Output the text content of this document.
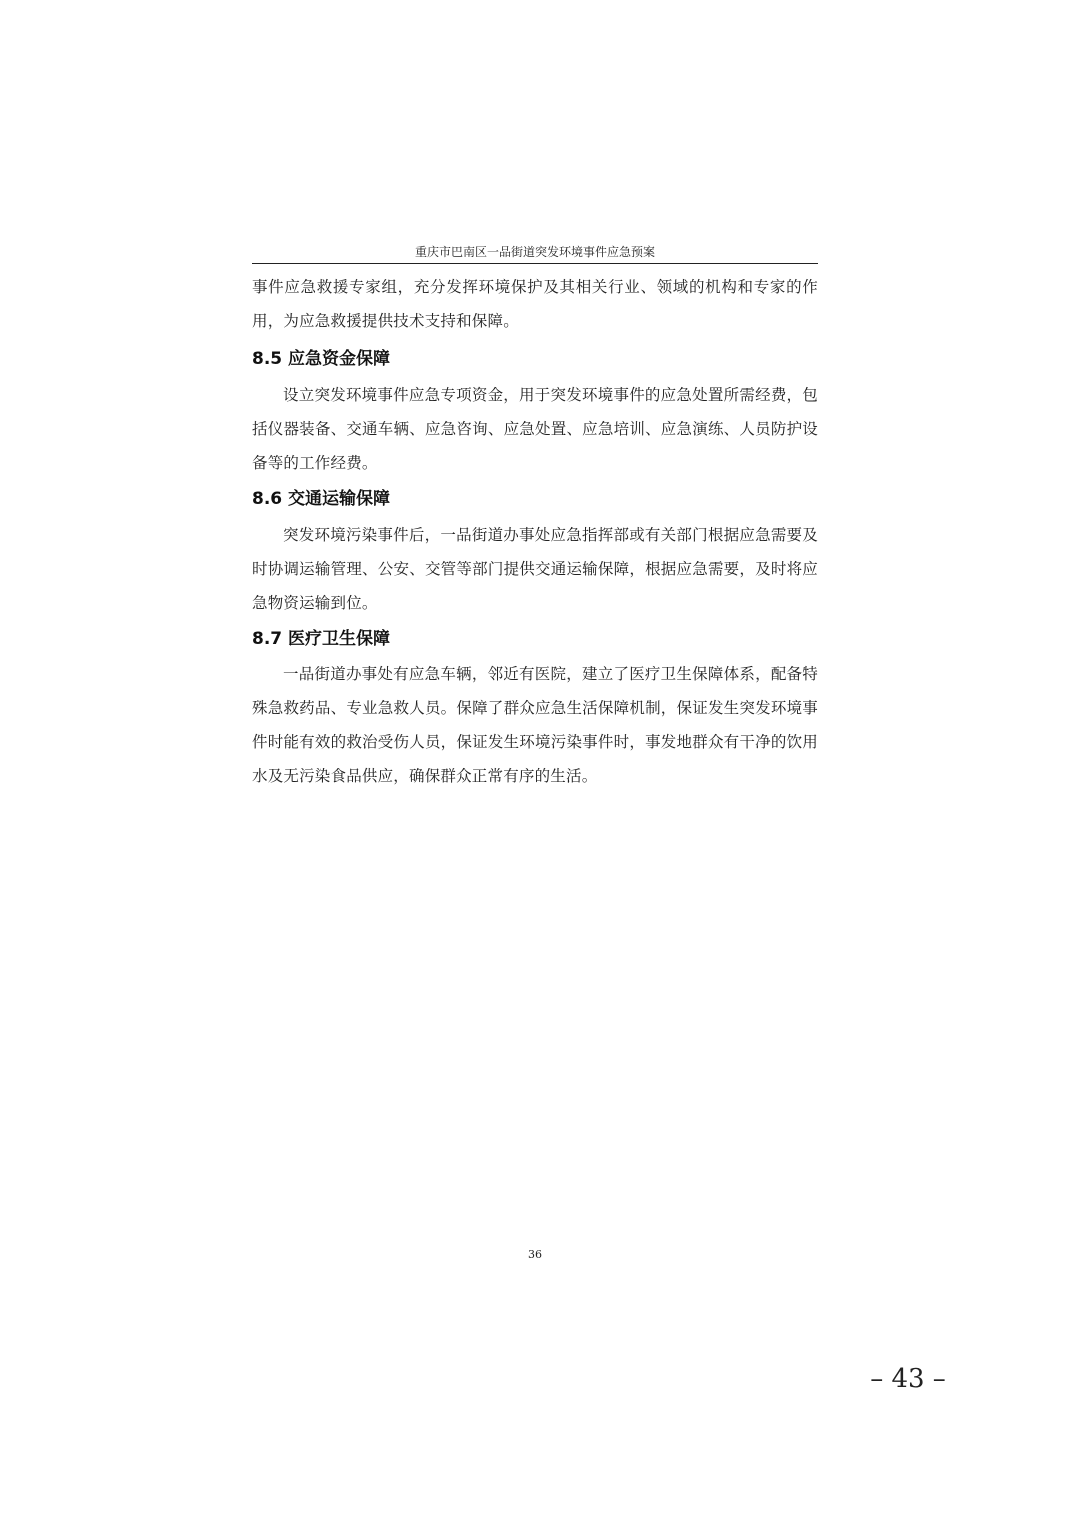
重庆市巴南区一品街道突发环境事件应急预案

事件应急救援专家组，充分发挥环境保护及其相关行业、领域的机构和专家的作用，为应急救援提供技术支持和保障。

8.5 应急资金保障

设立突发环境事件应急专项资金，用于突发环境事件的应急处置所需经费，包括仪器装备、交通车辆、应急咨询、应急处置、应急培训、应急演练、人员防护设备等的工作经费。

8.6 交通运输保障

突发环境污染事件后，一品街道办事处应急指挥部或有关部门根据应急需要及时协调运输管理、公安、交管等部门提供交通运输保障，根据应急需要，及时将应急物资运输到位。

8.7 医疗卫生保障

一品街道办事处有应急车辆，邻近有医院，建立了医疗卫生保障体系，配备特殊急救药品、专业急救人员。保障了群众应急生活保障机制，保证发生突发环境事件时能有效的救治受伤人员，保证发生环境污染事件时，事发地群众有干净的饮用水及无污染食品供应，确保群众正常有序的生活。

36
– 43 –
